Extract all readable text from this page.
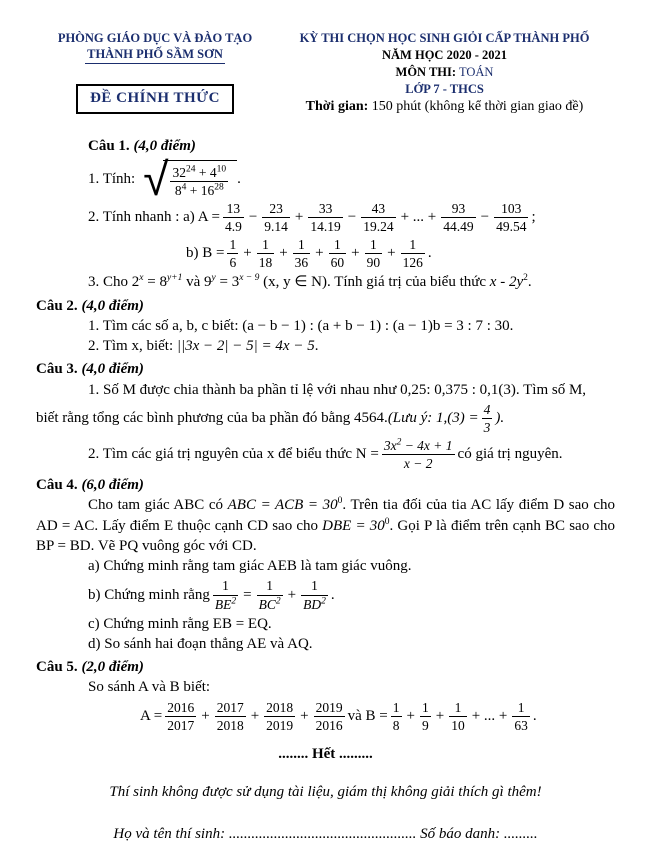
PHÒNG GIÁO DỤC VÀ ĐÀO TẠO
THÀNH PHỐ SẦM SƠN
ĐỀ CHÍNH THỨC
KỲ THI CHỌN HỌC SINH GIỎI CẤP THÀNH PHỐ
NĂM HỌC 2020 - 2021
MÔN THI: TOÁN
LỚP 7 - THCS
Thời gian: 150 phút (không kể thời gian giao đề)

Câu 1. (4,0 điểm)

1. Tính: √ $\frac{32^{24} + 4^{10}}{8^4 + 16^{28}}$ .
2. Tính nhanh :
a) $A = \frac{13}{4.9} - \frac{23}{9.14} + \frac{33}{14.19} - \frac{43}{19.24}$ + ... + $\frac{93}{44.49} - \frac{103}{49.54}$ ;
b) $B = \frac{1}{6} + \frac{1}{18} + \frac{1}{36} + \frac{1}{60} + \frac{1}{90} + \frac{1}{126}$ .

3. Cho $2^x = 8^{y+1}$ và $9^y = 3^{x - 9}$ (x, y ∈ N). Tính giá trị của biểu thức x - $2y^2$.

Câu 2. (4,0 điểm)

1. Tìm các số a, b, c biết: (a − b − 1) : (a + b − 1) : (a − 1)b = 3 : 7 : 30.

2. Tìm x, biết: ||3x − 2| − 5| = 4x − 5.

Câu 3. (4,0 điểm)

1. Số M được chia thành ba phần tỉ lệ với nhau như 0,25: 0,375 : 0,1(3). Tìm số M,

biết rằng tổng các bình phương của ba phần đó bằng 4564. (Lưu ý: $1,(3) = \frac{4}{3}$ ).
2. Tìm các giá trị nguyên của x để biểu thức $N = \frac{3x^2 - 4x + 1}{x - 2}$ có giá trị nguyên.

Câu 4. (6,0 điểm)

Cho tam giác ABC có ABC = ACB = $30^0$. Trên tia đối của tia AC lấy điểm D sao cho AD = AC. Lấy điểm E thuộc cạnh CD sao cho DBE = $30^0$. Gọi P là điểm trên cạnh BC sao cho BP = BD. Vẽ PQ vuông góc với CD.

a) Chứng minh rằng tam giác AEB là tam giác vuông.

b) Chứng minh rằng $\frac{1}{BE^2} = \frac{1}{BC^2} + \frac{1}{BD^2}$ .

c) Chứng minh rằng EB = EQ.

d) So sánh hai đoạn thẳng AE và AQ.

Câu 5. (2,0 điểm)

So sánh A và B biết:

$A = \frac{2016}{2017} + \frac{2017}{2018} + \frac{2018}{2019} + \frac{2019}{2016}$ và $B = \frac{1}{8} + \frac{1}{9} + \frac{1}{10}$ + ... + $\frac{1}{63}$ .

........ Hết .........

Thí sinh không được sử dụng tài liệu, giám thị không giải thích gì thêm!

Họ và tên thí sinh: .................................................. Số báo danh: .........
